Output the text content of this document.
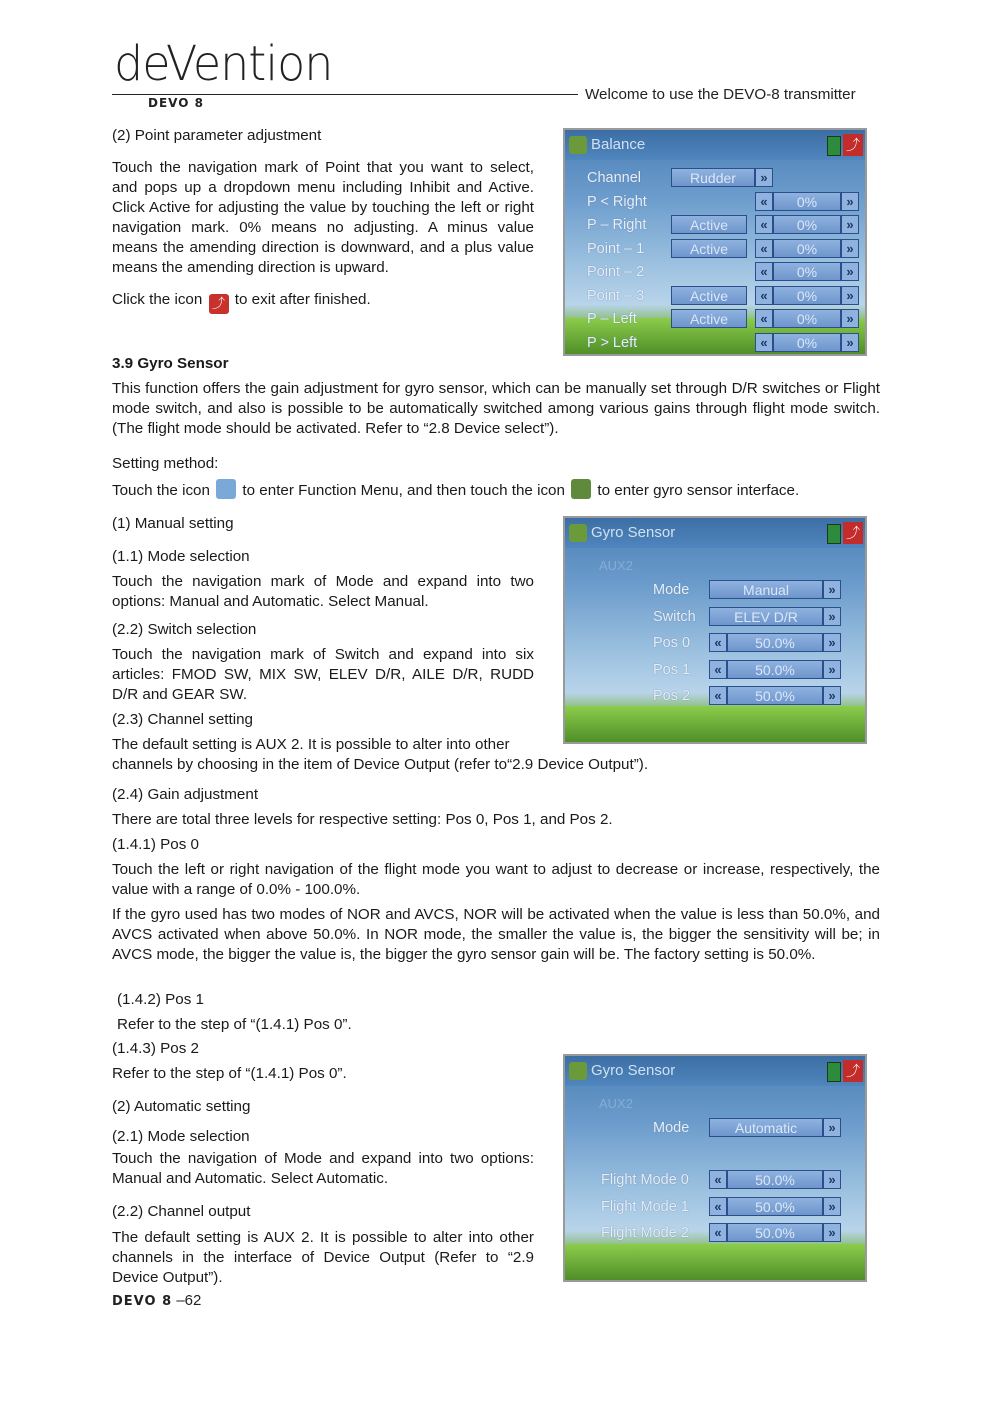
deVention
DEVO 8	Welcome to use the DEVO-8 transmitter

(2) Point parameter adjustment

Touch the navigation mark of Point that you want to select, and pops up a dropdown menu including Inhibit and Active. Click Active for adjusting the value by touching the left or right navigation mark. 0% means no adjusting. A minus value means the amending direction is downward, and a plus value means the amending direction is upward.

Click the icon ⤴ to exit after finished.

Balance	⤴
Channel	Rudder	»
P < Right	«	0%	»
P – Right	Active	«	0%	»
Point – 1	Active	«	0%	»
Point – 2	«	0%	»
Point – 3	Active	«	0%	»
P – Left	Active	«	0%	»
P > Left	«	0%	»

3.9 Gyro Sensor

This function offers the gain adjustment for gyro sensor, which can be manually set through D/R switches or Flight mode switch, and also is possible to be automatically switched among various gains through flight mode switch. (The flight mode should be activated. Refer to “2.8 Device select”).

Setting method:

Touch the icon to enter Function Menu, and then touch the icon to enter gyro sensor interface.

(1) Manual setting

(1.1) Mode selection

Touch the navigation mark of Mode and expand into two options: Manual and Automatic. Select Manual.

(2.2) Switch selection

Touch the navigation mark of Switch and expand into six articles: FMOD SW, MIX SW, ELEV D/R, AILE D/R, RUDD D/R and GEAR SW.

(2.3) Channel setting

The default setting is AUX 2. It is possible to alter into other

channels by choosing in the item of Device Output (refer to“2.9 Device Output”).

Gyro Sensor	⤴
AUX2
Mode	Manual	»
Switch	ELEV D/R	»
Pos 0	«	50.0%	»
Pos 1	«	50.0%	»
Pos 2	«	50.0%	»

(2.4) Gain adjustment

There are total three levels for respective setting: Pos 0, Pos 1, and Pos 2.

(1.4.1) Pos 0

Touch the left or right navigation of the flight mode you want to adjust to decrease or increase, respectively, the value with a range of 0.0% - 100.0%.

If the gyro used has two modes of NOR and AVCS, NOR will be activated when the value is less than 50.0%, and AVCS activated when above 50.0%. In NOR mode, the smaller the value is, the bigger the sensitivity will be; in AVCS mode, the bigger the value is, the bigger the gyro sensor gain will be. The factory setting is 50.0%.

(1.4.2) Pos 1

Refer to the step of “(1.4.1) Pos 0”.

(1.4.3) Pos 2

Refer to the step of “(1.4.1) Pos 0”.

(2) Automatic setting

(2.1) Mode selection

Touch the navigation of Mode and expand into two options: Manual and Automatic. Select Automatic.

(2.2) Channel output

The default setting is AUX 2. It is possible to alter into other channels in the interface of Device Output (Refer to “2.9 Device Output”).

Gyro Sensor	⤴
AUX2
Mode	Automatic	»
Flight Mode 0	«	50.0%	»
Flight Mode 1	«	50.0%	»
Flight Mode 2	«	50.0%	»
DEVO 8 –62
